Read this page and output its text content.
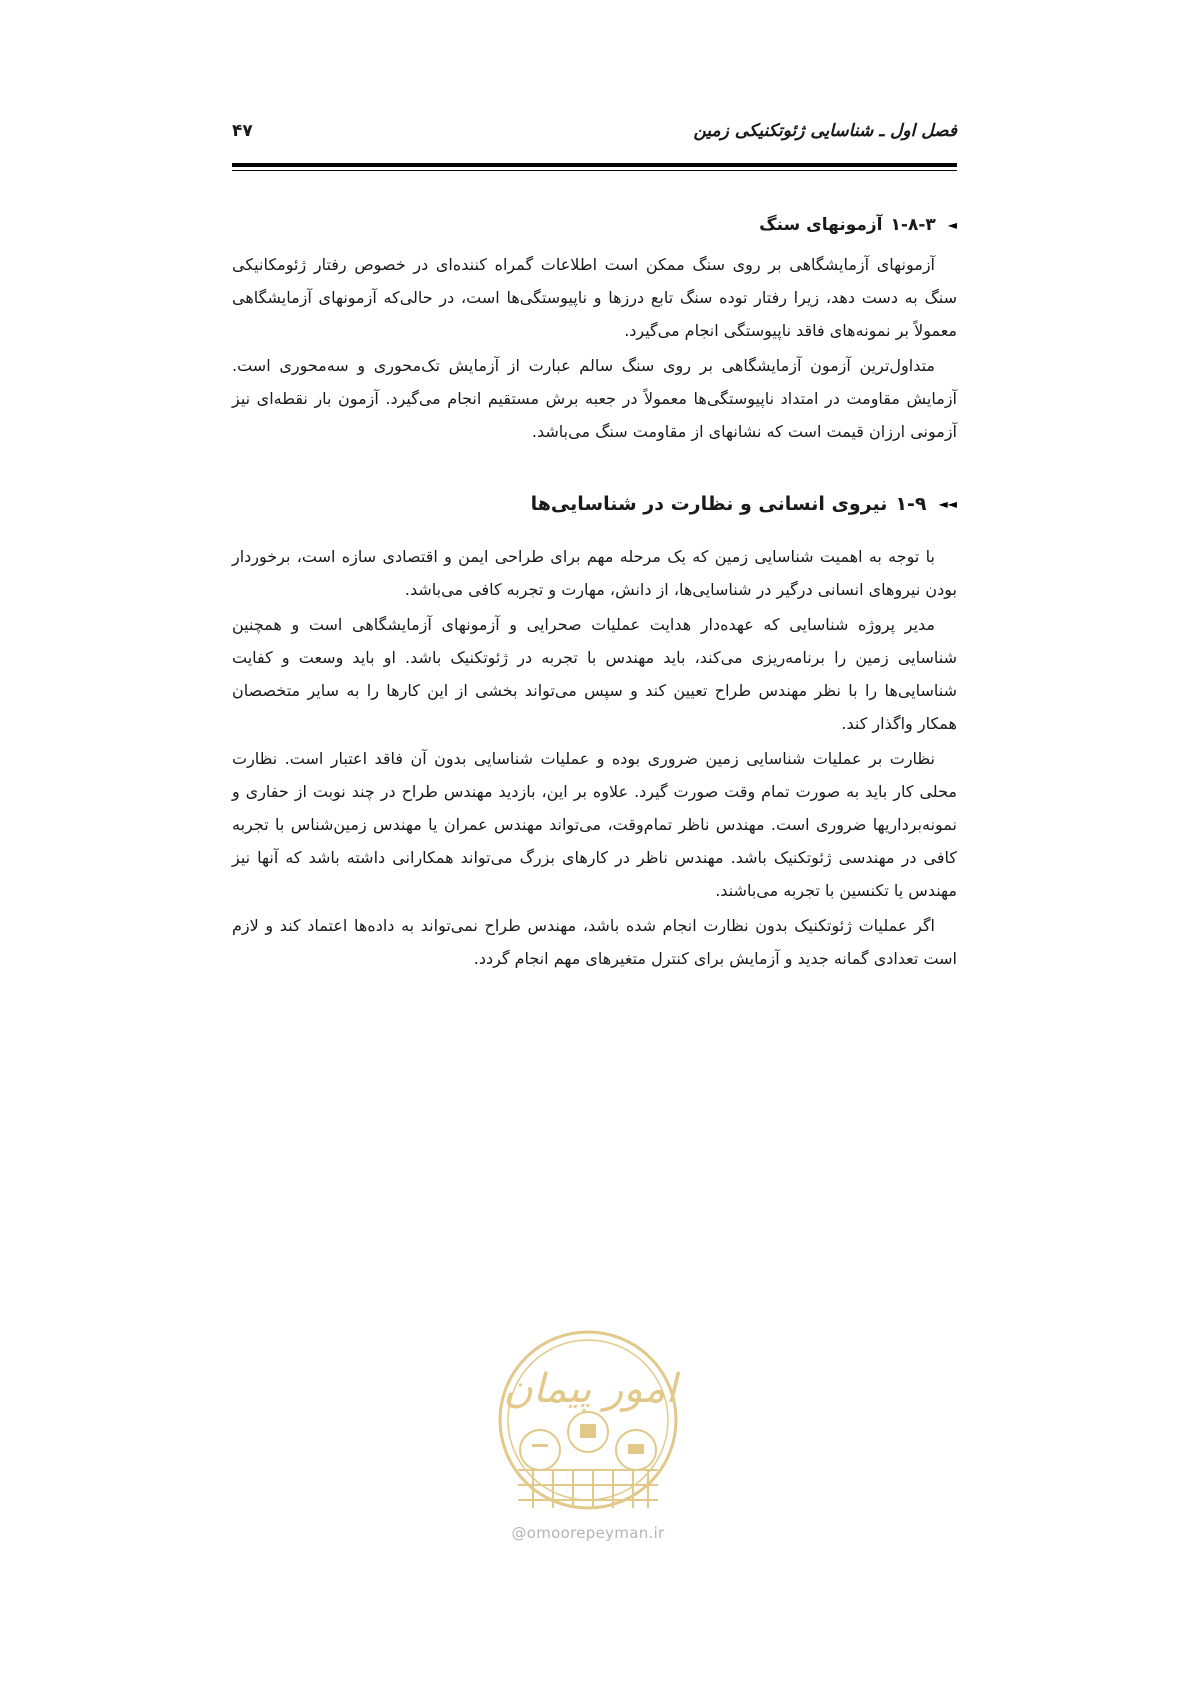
فصل اول ـ شناسایی ژئوتکنیکی زمین
۴۷
◄
۱-۸-۳
آزمونهای سنگ

آزمونهای آزمایشگاهی بر روی سنگ ممکن است اطلاعات گمراه کننده‌ای در خصوص رفتار ژئومکانیکی سنگ به دست دهد، زیرا رفتار توده سنگ تابع درزها و ناپیوستگی‌ها است، در حالی‌که آزمونهای آزمایشگاهی معمولاً بر نمونه‌های فاقد ناپیوستگی انجام می‌گیرد.

متداول‌ترین آزمون آزمایشگاهی بر روی سنگ سالم عبارت از آزمایش تک‌محوری و سه‌محوری است. آزمایش مقاومت در امتداد ناپیوستگی‌ها معمولاً در جعبه برش مستقیم انجام می‌گیرد. آزمون بار نقطه‌ای نیز آزمونی ارزان قیمت است که نشانهای از مقاومت سنگ می‌باشد.

◄◄
۱-۹
نیروی انسانی و نظارت در شناسایی‌ها

با توجه به اهمیت شناسایی زمین که یک مرحله مهم برای طراحی ایمن و اقتصادی سازه است، برخوردار بودن نیروهای انسانی درگیر در شناسایی‌ها، از دانش، مهارت و تجربه کافی می‌باشد.

مدیر پروژه شناسایی که عهده‌دار هدایت عملیات صحرایی و آزمونهای آزمایشگاهی است و همچنین شناسایی زمین را برنامه‌ریزی می‌کند، باید مهندس با تجربه در ژئوتکنیک باشد. او باید وسعت و کفایت شناسایی‌ها را با نظر مهندس طراح تعیین کند و سپس می‌تواند بخشی از این کارها را به سایر متخصصان همکار واگذار کند.

نظارت بر عملیات شناسایی زمین ضروری بوده و عملیات شناسایی بدون آن فاقد اعتبار است. نظارت محلی کار باید به صورت تمام وقت صورت گیرد. علاوه بر این، بازدید مهندس طراح در چند نوبت از حفاری و نمونه‌برداریها ضروری است. مهندس ناظر تمام‌وقت، می‌تواند مهندس عمران یا مهندس زمین‌شناس با تجربه کافی در مهندسی ژئوتکنیک باشد. مهندس ناظر در کارهای بزرگ می‌تواند همکارانی داشته باشد که آنها نیز مهندس یا تکنسین با تجربه می‌باشند.

اگر عملیات ژئوتکنیک بدون نظارت انجام شده باشد، مهندس طراح نمی‌تواند به داده‌ها اعتماد کند و لازم است تعدادی گمانه جدید و آزمایش برای کنترل متغیرهای مهم انجام گردد.

امور پیمان
@omoorepeyman.ir
